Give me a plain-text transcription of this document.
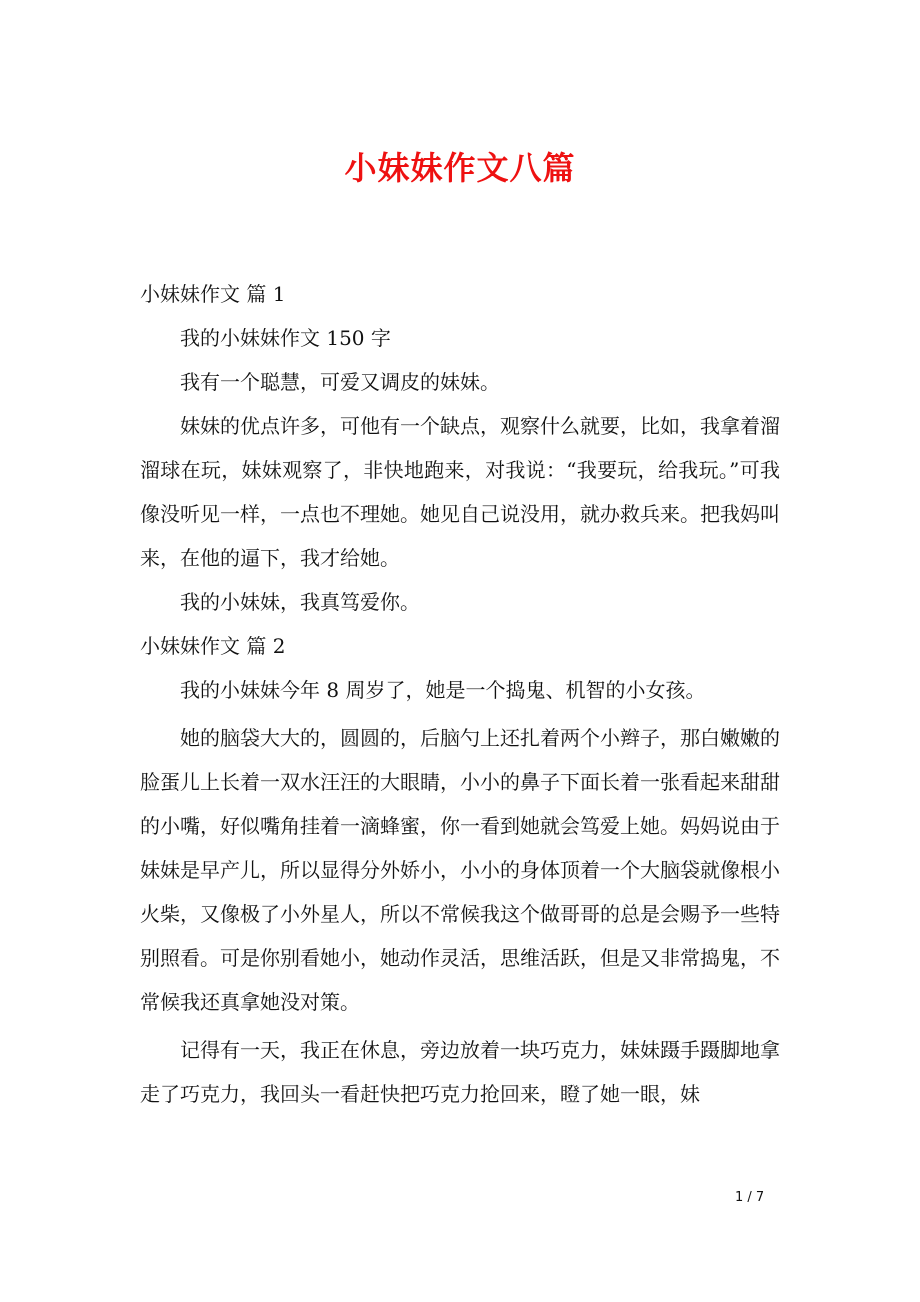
小妹妹作文八篇

小妹妹作文 篇 1

我的小妹妹作文 150 字

我有一个聪慧，可爱又调皮的妹妹。

妹妹的优点许多，可他有一个缺点，观察什么就要，比如，我拿着溜溜球在玩，妹妹观察了，非快地跑来，对我说：“我要玩，给我玩。”可我像没听见一样，一点也不理她。她见自己说没用，就办救兵来。把我妈叫来，在他的逼下，我才给她。

我的小妹妹，我真笃爱你。

小妹妹作文 篇 2

我的小妹妹今年 8 周岁了，她是一个捣鬼、机智的小女孩。

她的脑袋大大的，圆圆的，后脑勺上还扎着两个小辫子，那白嫩嫩的脸蛋儿上长着一双水汪汪的大眼睛，小小的鼻子下面长着一张看起来甜甜的小嘴，好似嘴角挂着一滴蜂蜜，你一看到她就会笃爱上她。妈妈说由于妹妹是早产儿，所以显得分外娇小，小小的身体顶着一个大脑袋就像根小火柴，又像极了小外星人，所以不常候我这个做哥哥的总是会赐予一些特别照看。可是你别看她小，她动作灵活，思维活跃，但是又非常捣鬼，不常候我还真拿她没对策。

记得有一天，我正在休息，旁边放着一块巧克力，妹妹蹑手蹑脚地拿走了巧克力，我回头一看赶快把巧克力抢回来，瞪了她一眼，妹

1 / 7
